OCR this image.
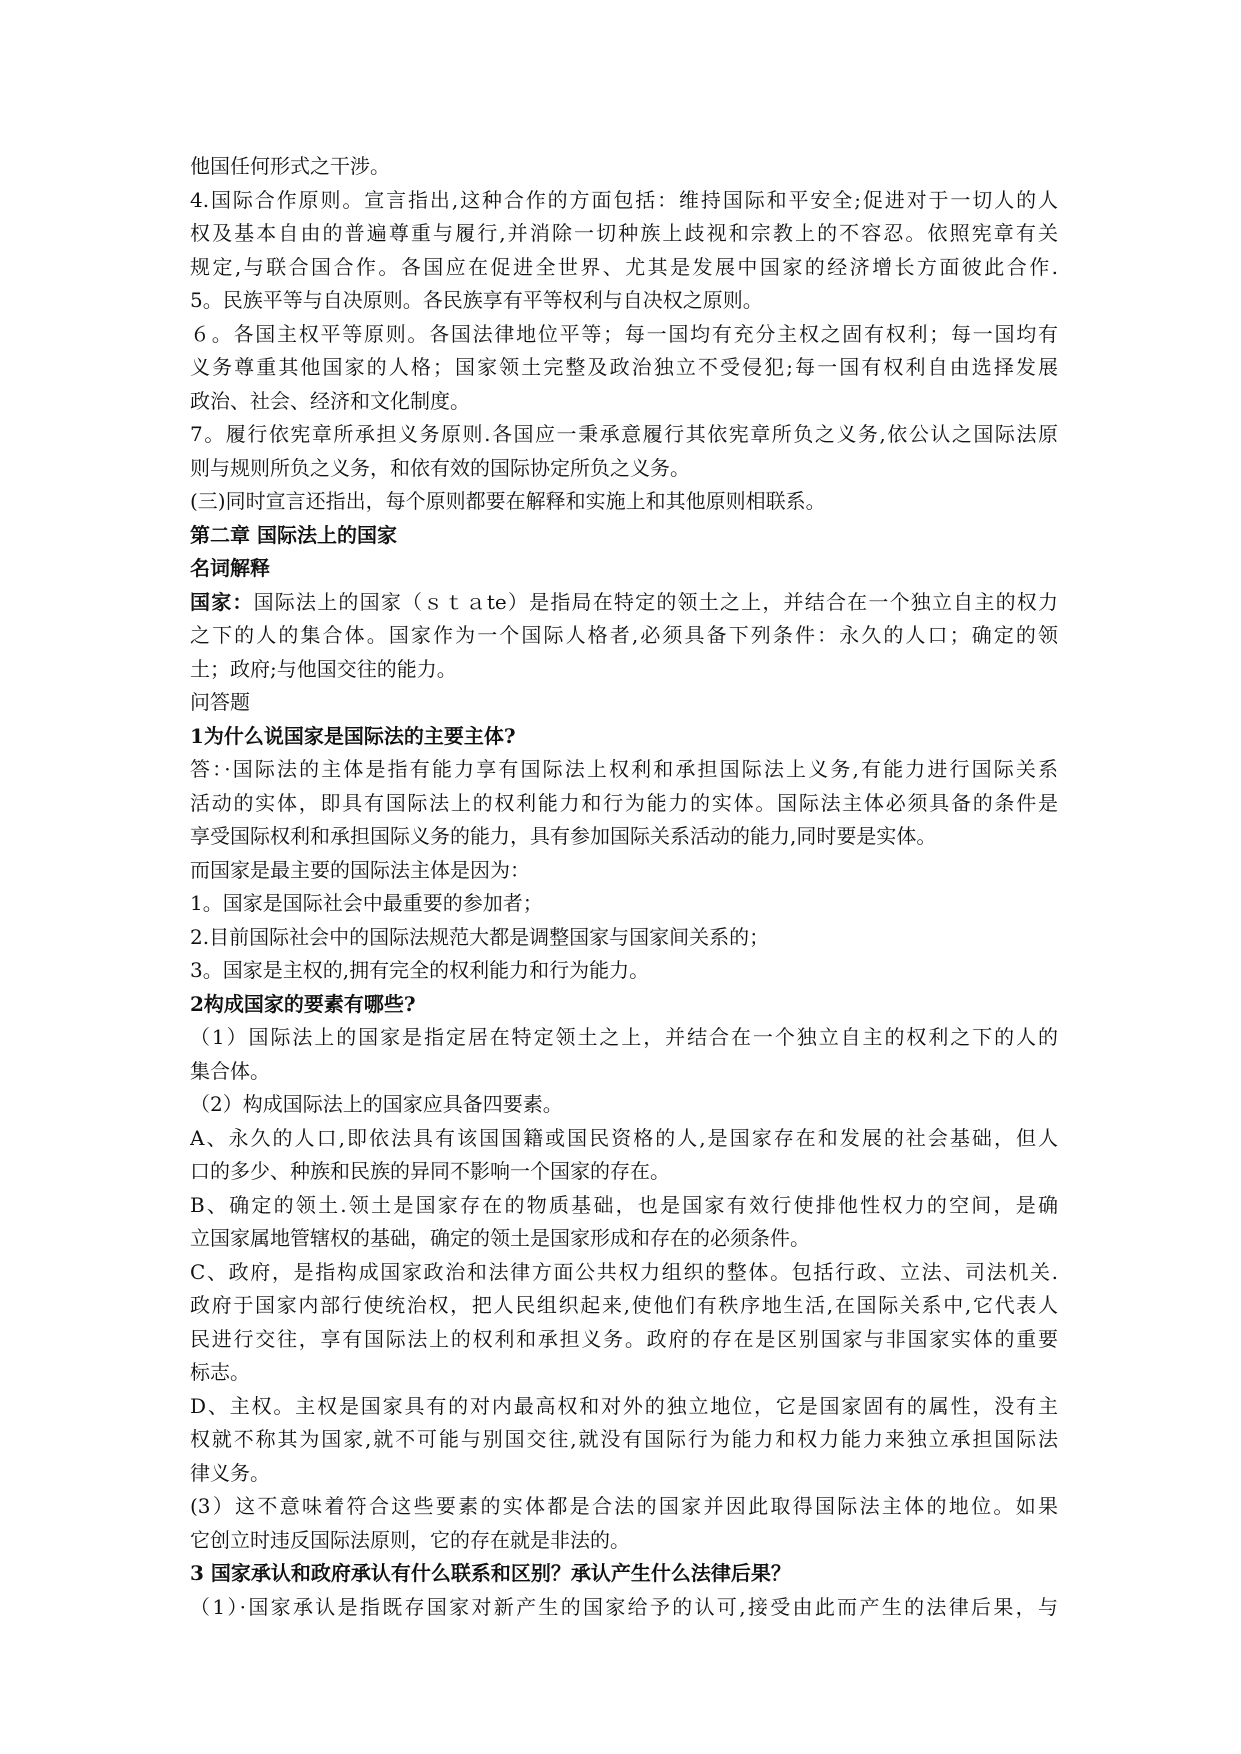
他国任何形式之干涉。
4.国际合作原则。宣言指出,这种合作的方面包括：维持国际和平安全;促进对于一切人的人
权及基本自由的普遍尊重与履行,并消除一切种族上歧视和宗教上的不容忍。依照宪章有关
规定,与联合国合作。各国应在促进全世界、尤其是发展中国家的经济增长方面彼此合作.
5。民族平等与自决原则。各民族享有平等权利与自决权之原则。
６。各国主权平等原则。各国法律地位平等；每一国均有充分主权之固有权利；每一国均有
义务尊重其他国家的人格；国家领土完整及政治独立不受侵犯;每一国有权利自由选择发展
政治、社会、经济和文化制度。
7。履行依宪章所承担义务原则.各国应一秉承意履行其依宪章所负之义务,依公认之国际法原
则与规则所负之义务，和依有效的国际协定所负之义务。
(三)同时宣言还指出，每个原则都要在解释和实施上和其他原则相联系。
第二章 国际法上的国家
名词解释
国家：国际法上的国家（ｓｔａte）是指局在特定的领土之上，并结合在一个独立自主的权力
之下的人的集合体。国家作为一个国际人格者,必须具备下列条件：永久的人口；确定的领
土；政府;与他国交往的能力。
问答题
1为什么说国家是国际法的主要主体?
答：·国际法的主体是指有能力享有国际法上权利和承担国际法上义务,有能力进行国际关系
活动的实体，即具有国际法上的权利能力和行为能力的实体。国际法主体必须具备的条件是
享受国际权利和承担国际义务的能力，具有参加国际关系活动的能力,同时要是实体。
而国家是最主要的国际法主体是因为：
1。国家是国际社会中最重要的参加者；
2.目前国际社会中的国际法规范大都是调整国家与国家间关系的；
3。国家是主权的,拥有完全的权利能力和行为能力。
2构成国家的要素有哪些?
（1）国际法上的国家是指定居在特定领土之上，并结合在一个独立自主的权利之下的人的
集合体。
（2）构成国际法上的国家应具备四要素。
A、永久的人口,即依法具有该国国籍或国民资格的人,是国家存在和发展的社会基础，但人
口的多少、种族和民族的异同不影响一个国家的存在。
B、确定的领土.领土是国家存在的物质基础，也是国家有效行使排他性权力的空间，是确
立国家属地管辖权的基础，确定的领土是国家形成和存在的必须条件。
C、政府，是指构成国家政治和法律方面公共权力组织的整体。包括行政、立法、司法机关.
政府于国家内部行使统治权，把人民组织起来,使他们有秩序地生活,在国际关系中,它代表人
民进行交往，享有国际法上的权利和承担义务。政府的存在是区别国家与非国家实体的重要
标志。
D、主权。主权是国家具有的对内最高权和对外的独立地位，它是国家固有的属性，没有主
权就不称其为国家,就不可能与别国交往,就没有国际行为能力和权力能力来独立承担国际法
律义务。
(3）这不意味着符合这些要素的实体都是合法的国家并因此取得国际法主体的地位。如果
它创立时违反国际法原则，它的存在就是非法的。
3 国家承认和政府承认有什么联系和区别？承认产生什么法律后果？
（1）·国家承认是指既存国家对新产生的国家给予的认可,接受由此而产生的法律后果，与
